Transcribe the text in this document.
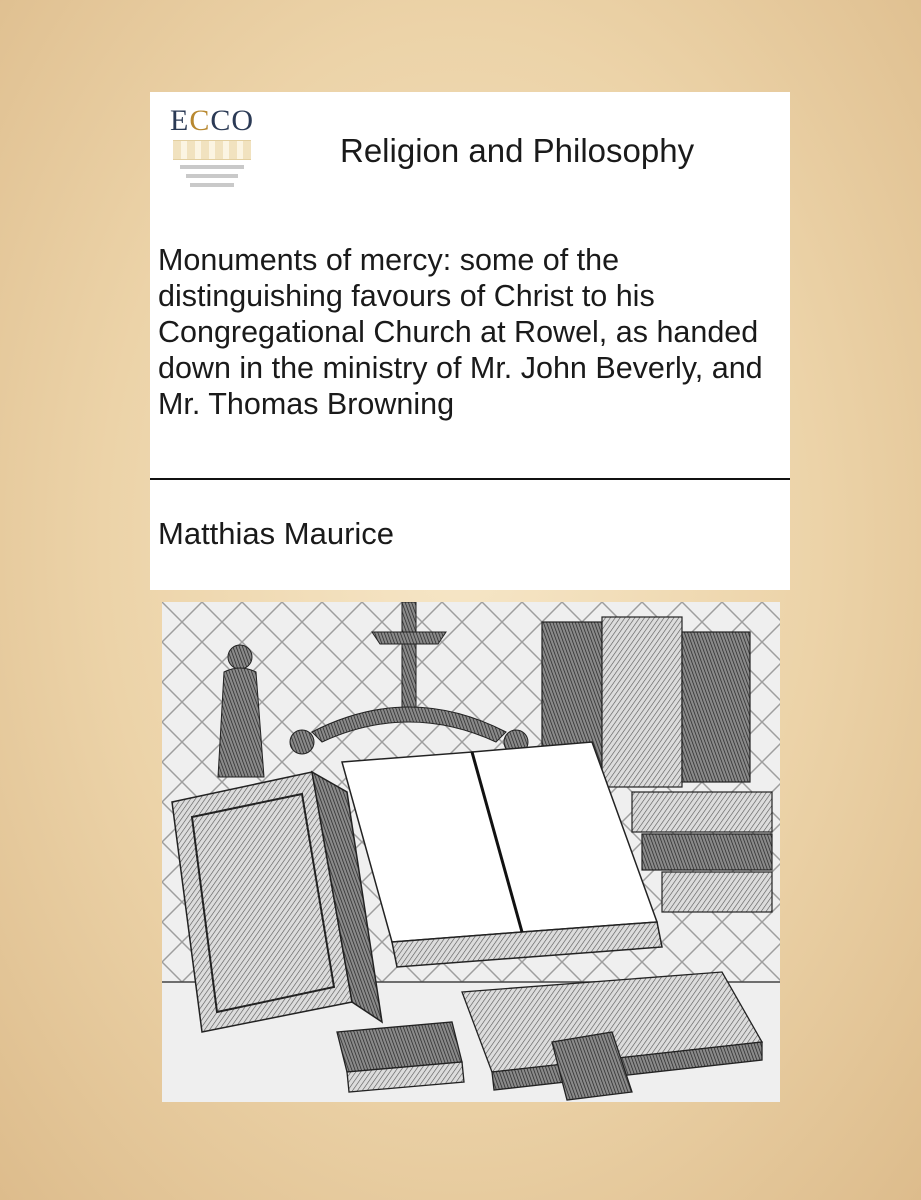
ECCO
Religion and Philosophy
Monuments of mercy: some of the distinguishing favours of Christ to his Congregational Church at Rowel, as handed down in the ministry of Mr. John Beverly, and Mr. Thomas Browning
Matthias Maurice
